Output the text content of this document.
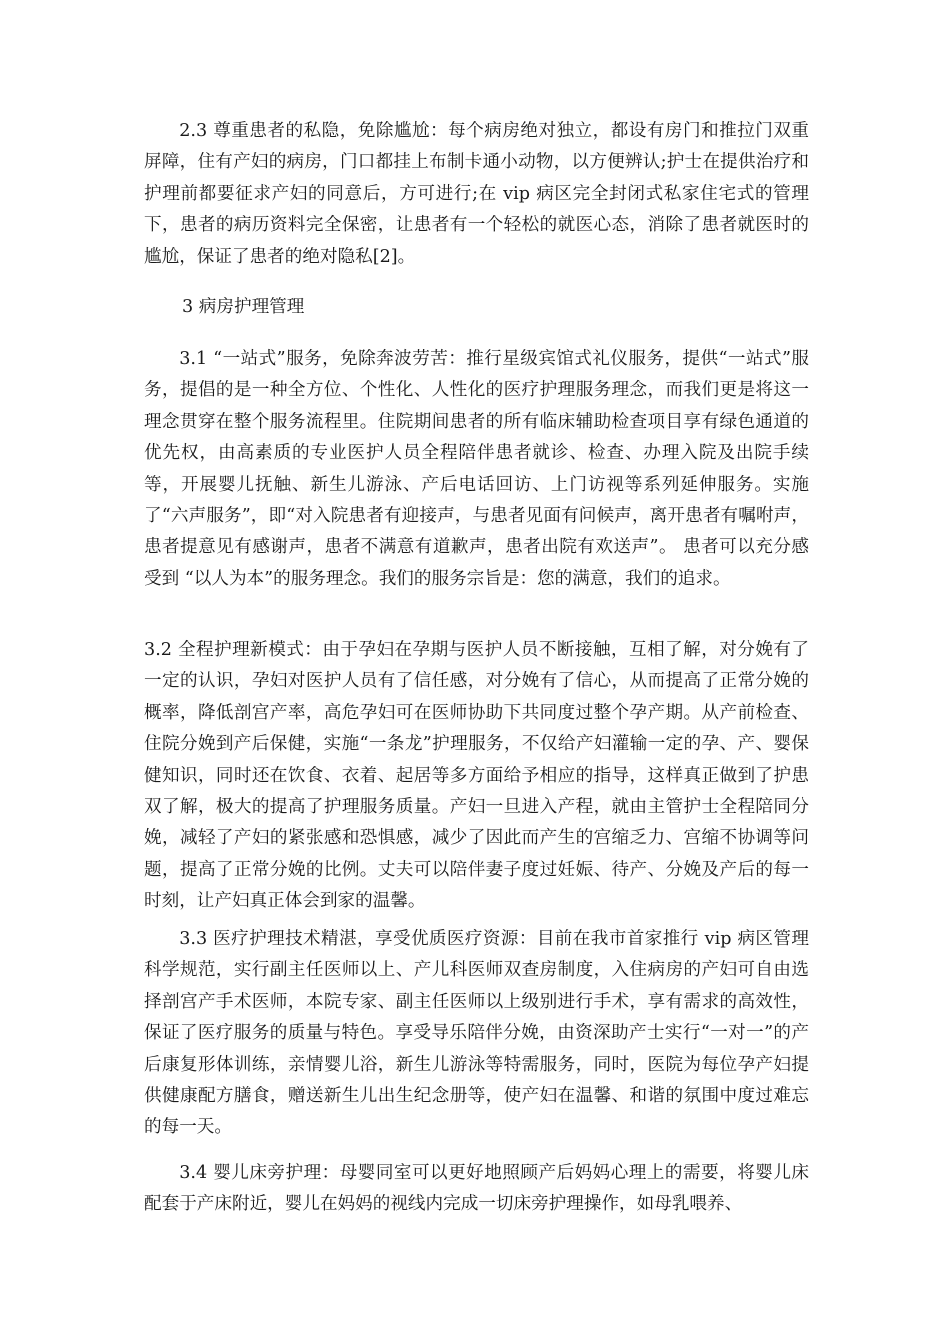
2.3 尊重患者的私隐，免除尴尬：每个病房绝对独立，都设有房门和推拉门双重屏障，住有产妇的病房，门口都挂上布制卡通小动物，以方便辨认;护士在提供治疗和护理前都要征求产妇的同意后，方可进行;在 vip 病区完全封闭式私家住宅式的管理下，患者的病历资料完全保密，让患者有一个轻松的就医心态，消除了患者就医时的尴尬，保证了患者的绝对隐私[2]。

3 病房护理管理

3.1 “一站式”服务，免除奔波劳苦：推行星级宾馆式礼仪服务，提供“一站式”服务，提倡的是一种全方位、个性化、人性化的医疗护理服务理念，而我们更是将这一理念贯穿在整个服务流程里。住院期间患者的所有临床辅助检查项目享有绿色通道的优先权，由高素质的专业医护人员全程陪伴患者就诊、检查、办理入院及出院手续等，开展婴儿抚触、新生儿游泳、产后电话回访、上门访视等系列延伸服务。实施了“六声服务”，即“对入院患者有迎接声，与患者见面有问候声，离开患者有嘱咐声，患者提意见有感谢声，患者不满意有道歉声，患者出院有欢送声”。 患者可以充分感受到 “以人为本”的服务理念。我们的服务宗旨是：您的满意，我们的追求。

3.2 全程护理新模式：由于孕妇在孕期与医护人员不断接触，互相了解，对分娩有了一定的认识，孕妇对医护人员有了信任感，对分娩有了信心，从而提高了正常分娩的概率，降低剖宫产率，高危孕妇可在医师协助下共同度过整个孕产期。从产前检查、住院分娩到产后保健，实施“一条龙”护理服务，不仅给产妇灌输一定的孕、产、婴保健知识，同时还在饮食、衣着、起居等多方面给予相应的指导，这样真正做到了护患双了解，极大的提高了护理服务质量。产妇一旦进入产程，就由主管护士全程陪同分娩，减轻了产妇的紧张感和恐惧感，减少了因此而产生的宫缩乏力、宫缩不协调等问题，提高了正常分娩的比例。丈夫可以陪伴妻子度过妊娠、待产、分娩及产后的每一时刻，让产妇真正体会到家的温馨。

3.3 医疗护理技术精湛，享受优质医疗资源：目前在我市首家推行 vip 病区管理科学规范，实行副主任医师以上、产儿科医师双查房制度，入住病房的产妇可自由选择剖宫产手术医师，本院专家、副主任医师以上级别进行手术，享有需求的高效性，保证了医疗服务的质量与特色。享受导乐陪伴分娩，由资深助产士实行“一对一”的产后康复形体训练，亲情婴儿浴，新生儿游泳等特需服务，同时，医院为每位孕产妇提供健康配方膳食，赠送新生儿出生纪念册等，使产妇在温馨、和谐的氛围中度过难忘的每一天。

3.4 婴儿床旁护理：母婴同室可以更好地照顾产后妈妈心理上的需要，将婴儿床配套于产床附近，婴儿在妈妈的视线内完成一切床旁护理操作，如母乳喂养、
